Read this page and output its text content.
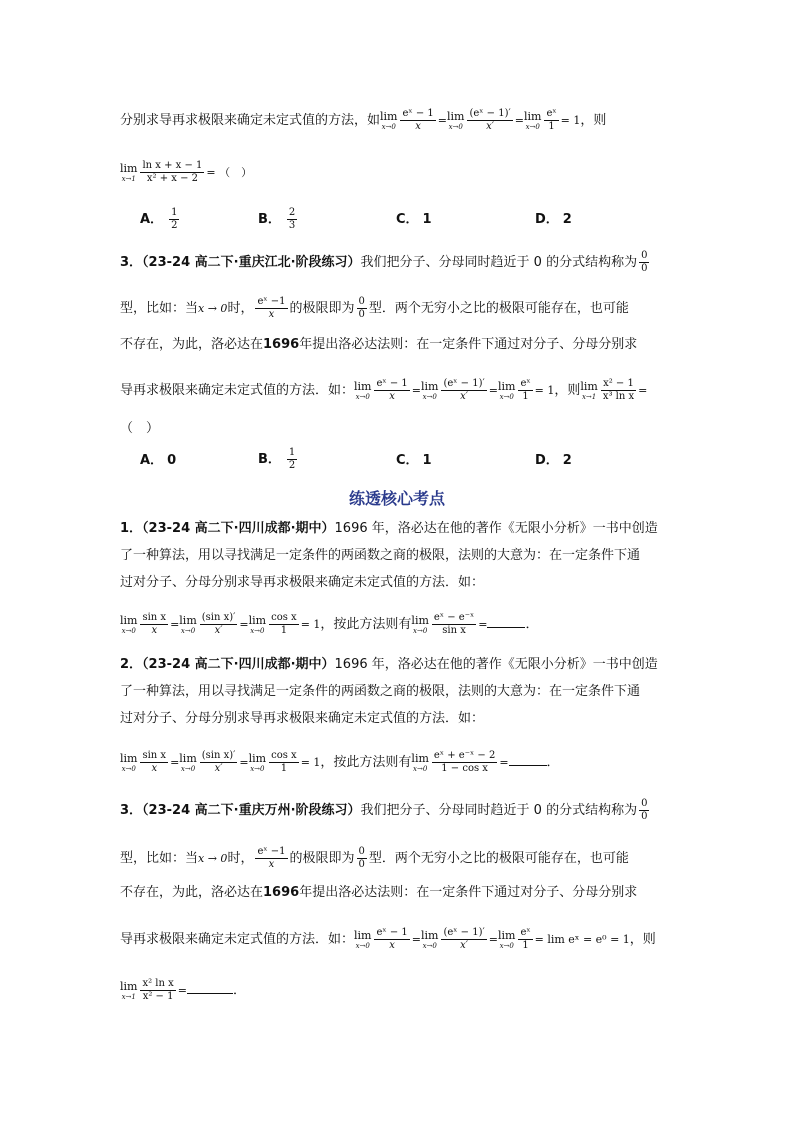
分别求导再求极限来确定未定式值的方法，如 lim
$x\to 0 \frac{\text{eˣ − 1}}{x} = \lim$
$x\to 0 \frac{\text{(eˣ − 1)′}}{x'} = \lim$
$x\to 0 \frac{\text{eˣ}}{1} = 1$，则
lim
$x\to 1 \frac{\text{ln x + x − 1}}{\text{x² + x − 2}}$ = （　）
A． $\frac{1}{2}$	B． $\frac{2}{3}$	C． 1	D． 2
3．（23-24 高二下·重庆江北·阶段练习）我们把分子、分母同时趋近于 0 的分式结构称为 $\frac{0}{0}$
型，比如：当x → 0时， $\frac{\text{eˣ −1}}{x}$ 的极限即为 $\frac{0}{0}$ 型．两个无穷小之比的极限可能存在，也可能
不存在，为此，洛必达在1696年提出洛必达法则：在一定条件下通过对分子、分母分别求
导再求极限来确定未定式值的方法．如： lim
$x\to 0 \frac{\text{eˣ − 1}}{x} = \lim$
$x\to 0 \frac{\text{(eˣ − 1)′}}{x'} = \lim$
$x\to 0 \frac{\text{eˣ}}{1} = 1$，则 lim
$x\to 1 \frac{\text{x² − 1}}{\text{x³ ln x}}$ =
（　）
A． 0	B． $\frac{1}{2}$	C． 1	D． 2
练透核心考点
1．（23-24 高二下·四川成都·期中）1696 年，洛必达在他的著作《无限小分析》一书中创造
了一种算法，用以寻找满足一定条件的两函数之商的极限，法则的大意为：在一定条件下通
过对分子、分母分别求导再求极限来确定未定式值的方法．如：
lim
$x\to 0 \frac{\text{sin x}}{x} = \lim$
$x\to 0 \frac{\text{(sin x)′}}{x'} = \lim$
$x\to 0 \frac{\text{cos x}}{1} = 1$，按此方法则有 lim
$x\to 0 \frac{\text{eˣ − e⁻ˣ}}{\text{sin x}}$ =	．
2．（23-24 高二下·四川成都·期中）1696 年，洛必达在他的著作《无限小分析》一书中创造
了一种算法，用以寻找满足一定条件的两函数之商的极限，法则的大意为：在一定条件下通
过对分子、分母分别求导再求极限来确定未定式值的方法．如：
lim
$x\to 0 \frac{\text{sin x}}{x} = \lim$
$x\to 0 \frac{\text{(sin x)′}}{x'} = \lim$
$x\to 0 \frac{\text{cos x}}{1} = 1$，按此方法则有 lim
$x\to 0 \frac{\text{eˣ + e⁻ˣ − 2}}{\text{1 − cos x}}$ =	．
3．（23-24 高二下·重庆万州·阶段练习）我们把分子、分母同时趋近于 0 的分式结构称为 $\frac{0}{0}$
型，比如：当x → 0时， $\frac{\text{eˣ −1}}{x}$ 的极限即为 $\frac{0}{0}$ 型．两个无穷小之比的极限可能存在，也可能
不存在，为此，洛必达在1696年提出洛必达法则：在一定条件下通过对分子、分母分别求
导再求极限来确定未定式值的方法．如： lim
$x\to 0 \frac{\text{eˣ − 1}}{x} = \lim$
$x\to 0 \frac{\text{(eˣ − 1)′}}{x'} = \lim$
$x\to 0 \frac{\text{eˣ}}{1} = \lim$ eˣ = e⁰ = 1，则
lim
$x\to 1 \frac{\text{x² ln x}}{\text{x² − 1}}$ =	．
